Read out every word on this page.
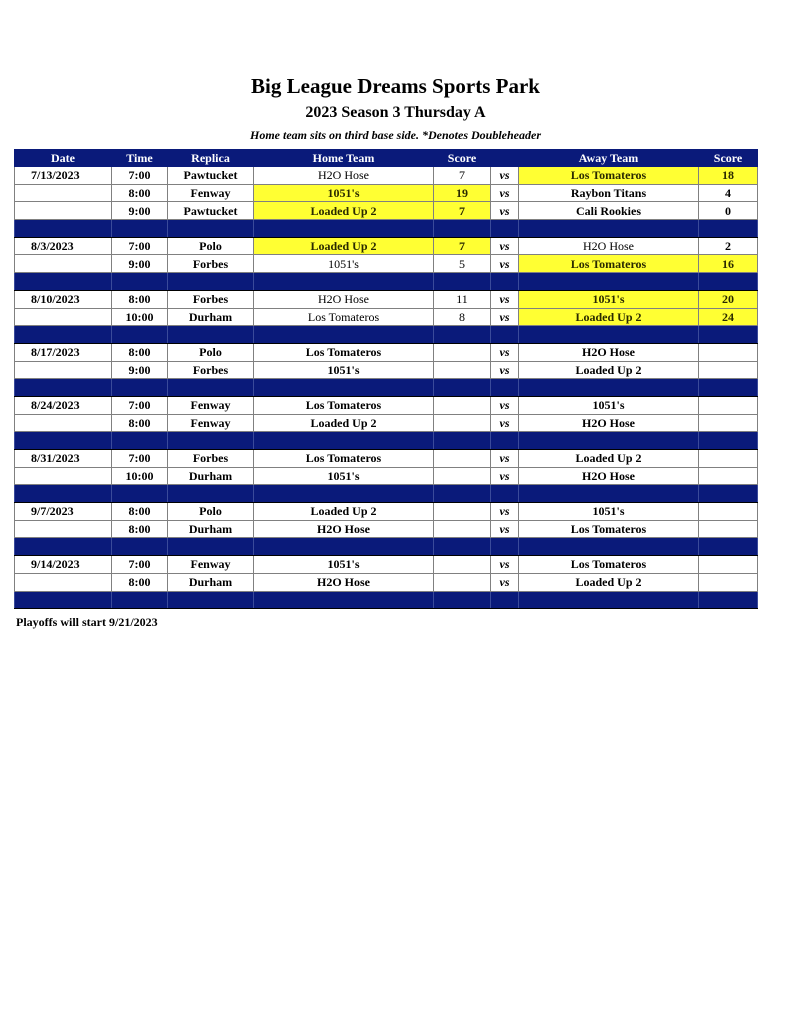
Big League Dreams Sports Park
2023 Season 3 Thursday A
Home team sits on third base side. *Denotes Doubleheader
Date	Time	Replica	Home Team	Score		Away Team	Score
7/13/2023	7:00	Pawtucket	H2O Hose	7	vs	Los Tomateros	18
	8:00	Fenway	1051's	19	vs	Raybon Titans	4
	9:00	Pawtucket	Loaded Up 2	7	vs	Cali Rookies	0

8/3/2023	7:00	Polo	Loaded Up 2	7	vs	H2O Hose	2
	9:00	Forbes	1051's	5	vs	Los Tomateros	16

8/10/2023	8:00	Forbes	H2O Hose	11	vs	1051's	20
	10:00	Durham	Los Tomateros	8	vs	Loaded Up 2	24

8/17/2023	8:00	Polo	Los Tomateros		vs	H2O Hose	
	9:00	Forbes	1051's		vs	Loaded Up 2	

8/24/2023	7:00	Fenway	Los Tomateros		vs	1051's	
	8:00	Fenway	Loaded Up 2		vs	H2O Hose	

8/31/2023	7:00	Forbes	Los Tomateros		vs	Loaded Up 2	
	10:00	Durham	1051's		vs	H2O Hose	

9/7/2023	8:00	Polo	Loaded Up 2		vs	1051's	
	8:00	Durham	H2O Hose		vs	Los Tomateros	

9/14/2023	7:00	Fenway	1051's		vs	Los Tomateros	
	8:00	Durham	H2O Hose		vs	Loaded Up 2	

Playoffs will start 9/21/2023
